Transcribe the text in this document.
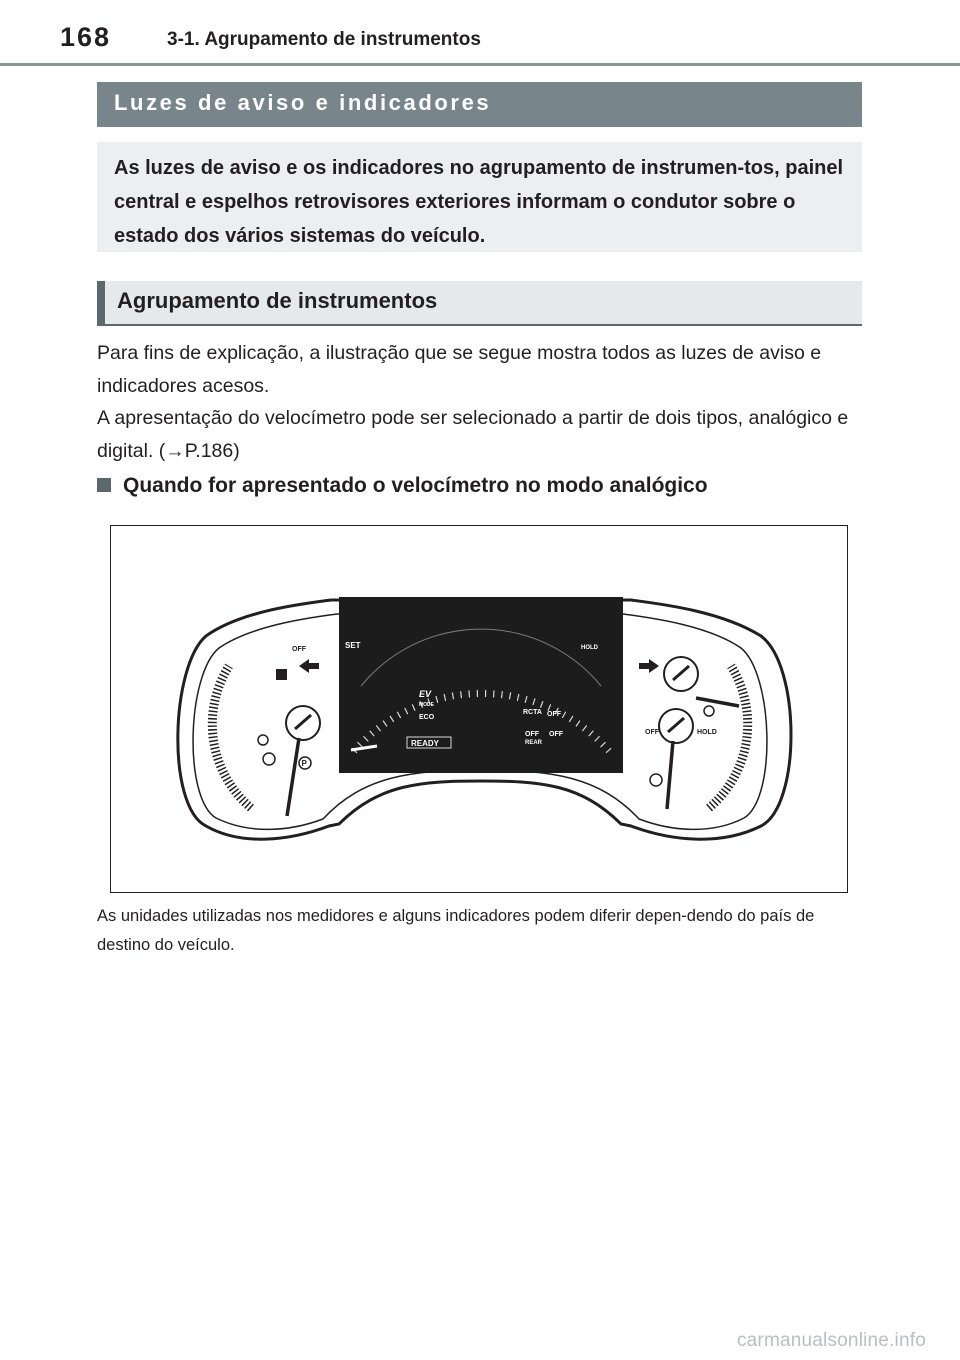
168	3-1. Agrupamento de instrumentos
Luzes de aviso e indicadores
As luzes de aviso e os indicadores no agrupamento de instrumen-tos, painel central e espelhos retrovisores exteriores informam o condutor sobre o estado dos vários sistemas do veículo.
Agrupamento de instrumentos
Para fins de explicação, a ilustração que se segue mostra todos as luzes de aviso e indicadores acesos.
A apresentação do velocímetro pode ser selecionado a partir de dois tipos, analógico e digital. (→P.186)
Quando for apresentado o velocímetro no modo analógico
SET	HOLD
EV
MODE
ECO
RCTA OFF
OFF
REAR
OFF
READY
OFF
P
OFF	HOLD
As unidades utilizadas nos medidores e alguns indicadores podem diferir depen-dendo do país de destino do veículo.
carmanualsonline.info
